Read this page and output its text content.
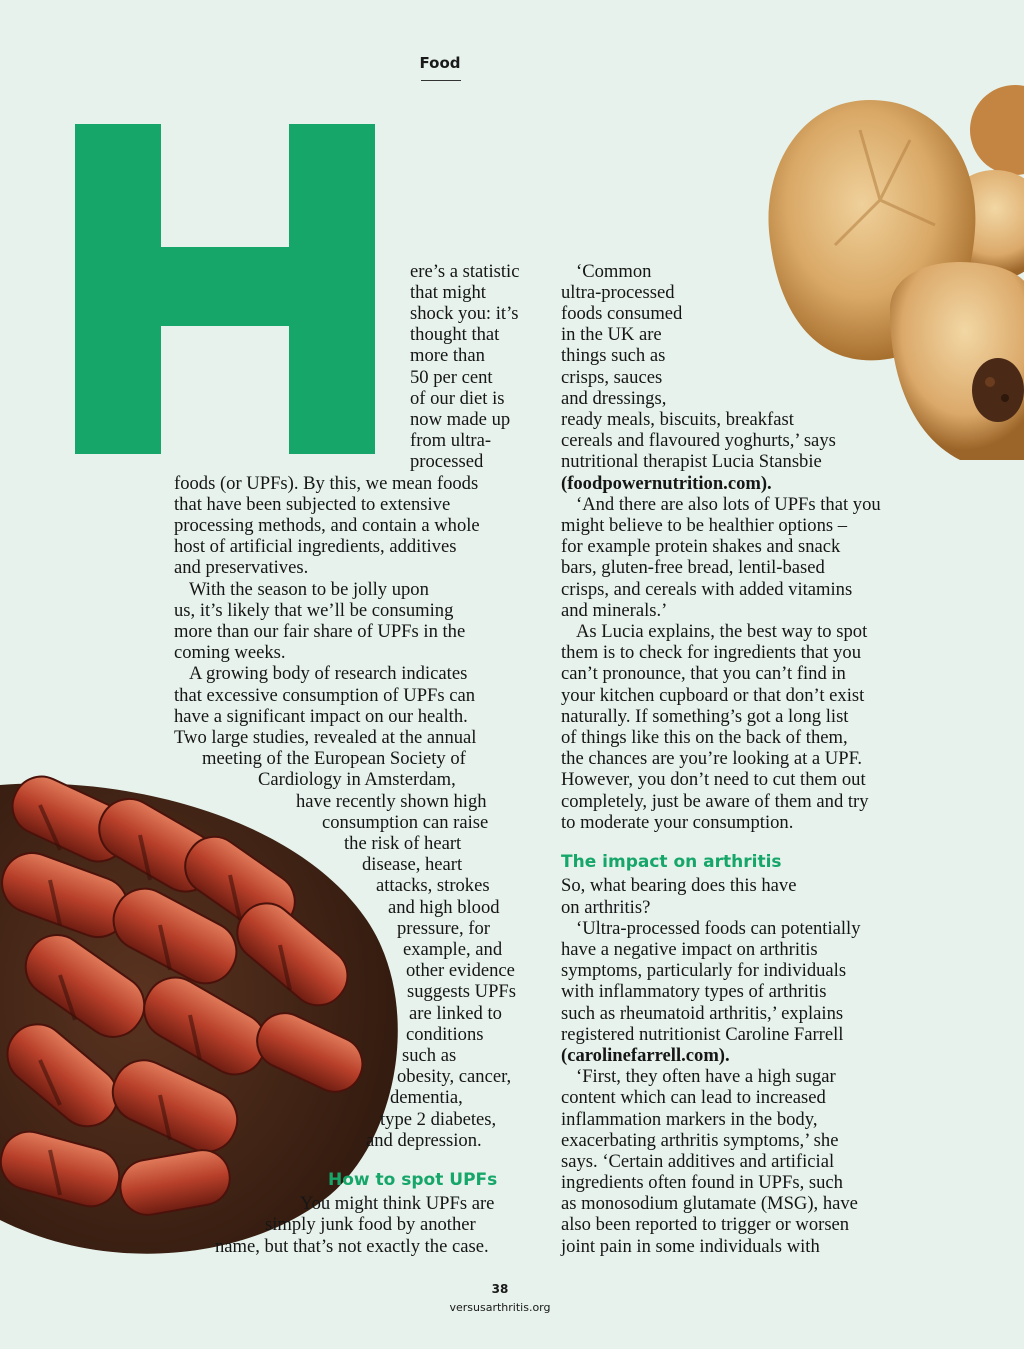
Food
ere’s a statistic
that might
shock you: it’s
thought that
more than
50 per cent
of our diet is
now made up
from ultra-
processed
foods (or UPFs). By this, we mean foods
that have been subjected to extensive
processing methods, and contain a whole
host of artificial ingredients, additives
and preservatives.
With the season to be jolly upon
us, it’s likely that we’ll be consuming
more than our fair share of UPFs in the
coming weeks.
A growing body of research indicates
that excessive consumption of UPFs can
have a significant impact on our health.
Two large studies, revealed at the annual
meeting of the European Society of
Cardiology in Amsterdam,
have recently shown high
consumption can raise
the risk of heart
disease, heart
attacks, strokes
and high blood
pressure, for
example, and
other evidence
suggests UPFs
are linked to
conditions
such as
obesity, cancer,
dementia,
type 2 diabetes,
and depression.
How to spot UPFs
You might think UPFs are
simply junk food by another
name, but that’s not exactly the case.
‘Common
ultra-processed
foods consumed
in the UK are
things such as
crisps, sauces
and dressings,
ready meals, biscuits, breakfast
cereals and flavoured yoghurts,’ says
nutritional therapist Lucia Stansbie
(foodpowernutrition.com).
‘And there are also lots of UPFs that you
might believe to be healthier options –
for example protein shakes and snack
bars, gluten-free bread, lentil-based
crisps, and cereals with added vitamins
and minerals.’
As Lucia explains, the best way to spot
them is to check for ingredients that you
can’t pronounce, that you can’t find in
your kitchen cupboard or that don’t exist
naturally. If something’s got a long list
of things like this on the back of them,
the chances are you’re looking at a UPF.
However, you don’t need to cut them out
completely, just be aware of them and try
to moderate your consumption.
The impact on arthritis
So, what bearing does this have
on arthritis?
‘Ultra-processed foods can potentially
have a negative impact on arthritis
symptoms, particularly for individuals
with inflammatory types of arthritis
such as rheumatoid arthritis,’ explains
registered nutritionist Caroline Farrell
(carolinefarrell.com).
‘First, they often have a high sugar
content which can lead to increased
inflammation markers in the body,
exacerbating arthritis symptoms,’ she
says. ‘Certain additives and artificial
ingredients often found in UPFs, such
as monosodium glutamate (MSG), have
also been reported to trigger or worsen
joint pain in some individuals with
38
versusarthritis.org
